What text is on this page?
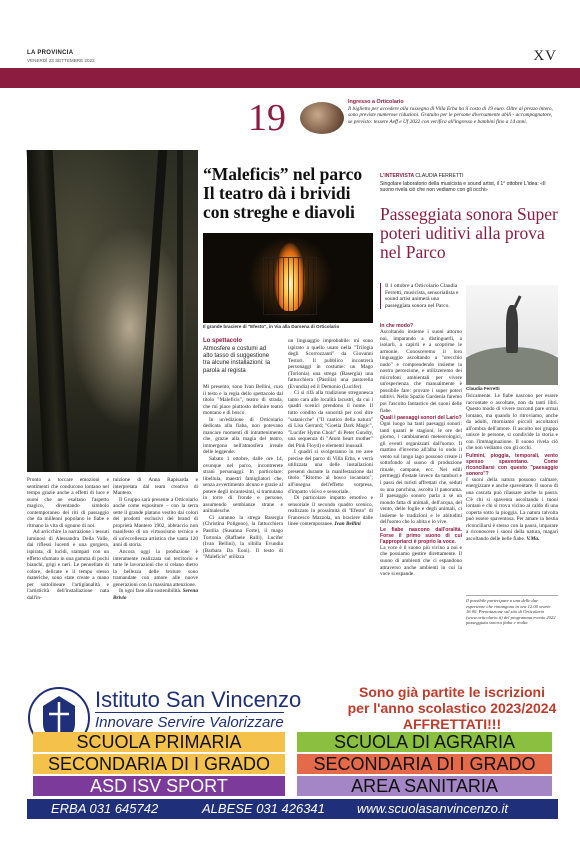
LA PROVINCIA
VENERDÌ 23 SETTEMBRE 2022	XV
19	Ingresso a Orticolario
Il biglietto per accedere alla rassegna di Villa Erba ha il costo di 19 euro. Oltre al prezzo intero, sono previste numerose riduzioni. Gratuito per le persone diversamente abili - accompagnatore, se previsto: tessere Aeff e Uf 2022 con verifica all'ingresso e bambini fino a 14 anni.

Pronto a toccare emozioni e sentimenti che conducono lontano nel tempo grazie anche a effetti di luce e suoni che ne esaltano l'aspetto magico, diventando simbolo contemporaneo dei riti di passaggio che da millenni popolano le fiabe e ritmano la vita di ognuno di noi.

Ad arricchire la narrazione i tessuti luminosi di Alessandra Della Valle, dai riflessi lucenti e una gorgiera, ispirata, di lucidi, stampati con un effetto sfumato in una gamma di pochi bianchi, grigi e neri. Le pennellate di colore, delicate e il tempo stesso materiche, sono state create a mano per sottolineare l'artigianalità e l'artisticità dell'installazione nata dall'in-

tuizione di Anna Rapisarda e interpretata dal team creativo di Mantero.

Il Gruppo sarà presente a Orticolario anche come espositore – con la serra sette il grande platano vestito dai colori dei prodotti esclusivi del brand di proprietà Mantero 1902, abbraccio non manifesto di un virtuosismo tecnico e di un'eccellenza artistica che vanta 120 anni di storia.

Ancora oggi la produzione è interamente realizzata sul territorio e tutte le lavorazioni che si celano dietro la bellezza delle texture sono tramandate con amore alle nuove generazioni con la massima attenzione.

In ogni fase alla sostenibilità. Serena Brivio

“Maleficis” nel parco Il teatro dà i brividi con streghe e diavoli
Il grande braciere di "Efesto", in Via alla Darsena di Orticolario
Lo spettacolo
Atmosfere e costumi ad alto tasso di suggestione tra alcune installazioni: la parola al regista

Mi presento, sono Ivan Bellini, curo il testo e la regia dello spettacolo dal titolo "Maleficis", teatro di strada, che mi piace piuttosto definire teatro montano e di bosco.

In un'edizione di Orticolario dedicata alla fiaba, non potevano mancare momenti di intrattenimento che, grazie alla magia del teatro, immergono nell'atmosfera irreale delle leggende.

Sabato 1 ottobre, dalle ore 14, ovunque nel parco, incontrerete strani personaggi. In particolare: libellula, maestri famigliatori che, senza avvertimento alcuno e grazie al potere degli incantesimi, si tramutano in torre di fronde e persone, assumendo sembianze strane e animalesche.

Ci saranno la strega Basergia (Christina Poligeno), la fattucchiera Pastilia (Susanna Forte), il mago Tortonia (Raffaele Ralli), Lucifer (Ivan Bellini), la sibilla Evundia (Barbara Da Eoni). Il testo di "Maleficis" utilizza

un linguaggio improbabile: mi sono ispirato a quello usato nella "Trilogia degli Scorrozzanti" da Giovanni Testori. Il pubblico incontrerà personaggi in costume: un Mago (Torionia) una strega (Basergia) una fattucchiera (Pastilia) una pastorella (Evundia) ed il Demonio (Lucifer).

Ci si rifà alla tradizione stregonesca tanto cara alle località lacustri, da cui i quadri scenici prendono il nome. Il tutto condito da sonorità per così dire "satanicche" ("Il cantico della natura" di Lisa Gerrard; "Goetia Dark Magic", "Lucifer Hymn Choir" di Peter Gundry, una sequenza di "Atom heart mother" dei Pink Floyd) e elementi inusuali.

I quadri si svolgeranno in tre aree precise del parco di Villa Erba, e verrà utilizzata una delle installazioni presenti durante la manifestazione dal titolo "Ritorno al bosco incantato", all'insegna dell'effetto sorpresa, d'impatto visivo e sensoriale.

Di particolare impatto emotivo e sensoriale il secondo quadro scenico, realizzato in prossimità di "Efesto" di Francesco Mazzola, un braciere dalle linee contemporanee. Ivan Bellini

L'INTERVISTA CLAUDIA FERRETTI
Singolare laboratorio della musicista e sound artist, il 1° ottobre L'idea: «Il suono rivela ciò che non vediamo con gli occhi»
Passeggiata sonora Super poteri uditivi alla prova nel Parco
Il 1 ottobre a Orticolario Claudia Ferretti, musicista, sensorialista e sound artist animerà una passeggiata sonora nel Parco.
Claudia Ferretti
In che modo?

Ascoltando insieme i suoni attorno noi, imparando a distinguerli, a isolarli, a capirli e a scoprirne le armonie. Conosceremo il loro linguaggio ascoltando a "orecchio nudo" e comprendendo insieme la nostra percezione, e utilizzeremo dei microfoni ambientali per vivere un'esperienza che manualmente è possibile fare: provare i super poteri uditivi. Nello Spazio Gardenia faremo poi l'ascolto fantastico dei suoni delle fiabe.

Quali i paesaggi sonori del Lario?

Ogni luogo ha tanti paesaggi sonori: tanti quanti le stagioni, le ore del giorno, i cambiamenti meteorologici, gli eventi organizzati dall'uomo. Il mattino d'inverno all'alba lo ondo il vento sul lungo lago possono creare il sottofondo al suono di produzione rituale, campane, ecc. Nei edili permeggi d'estate invece da tamburi e i passi dei turisti affrettati che, seduti su una panchina, ascolta il panorama. Il paesaggio sonoro parla a sé un mondo fatta di animali, dell'acqua, del vento, delle foglie e degli animali, ci insieme le tradizioni e le abitudini dell'uomo che lo abita e lo vive.

Le fiabe nascono dall'oralità. Forse il primo suono di cui l'appropriarci è proprio la voce.

La voce è il suono più vicino a noi e che possiamo gestire direttamente. Il suono di ambienti che ci espandono attraverso anche ambienti in cui la voce si espande.

fisicamente. Le fiabe nascono per essere raccontate o ascoltate, non da tanti libri. Questo modo di vivere racconti pare ormai lontano, ma quando lo ritroviamo, anche da adulti, ritorniamo piccoli ascoltatori all'ombra dell'amore. Il ascolto nei gruppo unisce le persone, si condivide la storia e con l'immaginazione. Il suono rivela ciò che non vediamo con gli occhi.

Fulmini, pioggia, temporali, vento spesso spaventano. Come riconciliarsi con questo "paesaggio sonoro"?

I suoni della natura possono calmare, energizzare e anche spaventare. Il suono di una cascata può rilassare anche la paura. C'è chi si spaventa ascoltando i tuoni lontani e chi si trova vicino al caldo di una coperta sotto la pioggia. La natura talvolta può essere spaventosa. Per amare la bestia riconciliarsi è stesso con la paura, imparare a riconoscere i suoni della natura, magari ascoltando delle belle fiabe. V.Ma.

Il possibile partecipare a una delle due esperienze che rimangono in ora 12.00 orarie 16.00. Prenotazione sul sito di Orticolario (www.orticolario.it) del programma evento 2022 passeggiata sonora fiaba e realta
Istituto San Vincenzo
Innovare Servire Valorizzare
Sono già partite le iscrizioni
per l'anno scolastico 2023/2024
AFFRETTATI!!!
SCUOLA PRIMARIA	SCUOLA DI AGRARIA
SECONDARIA DI I GRADO	SECONDARIA DI I GRADO
ASD ISV SPORT	AREA SANITARIA
ERBA 031 645742	ALBESE 031 426341 www.scuolasanvincenzo.it
